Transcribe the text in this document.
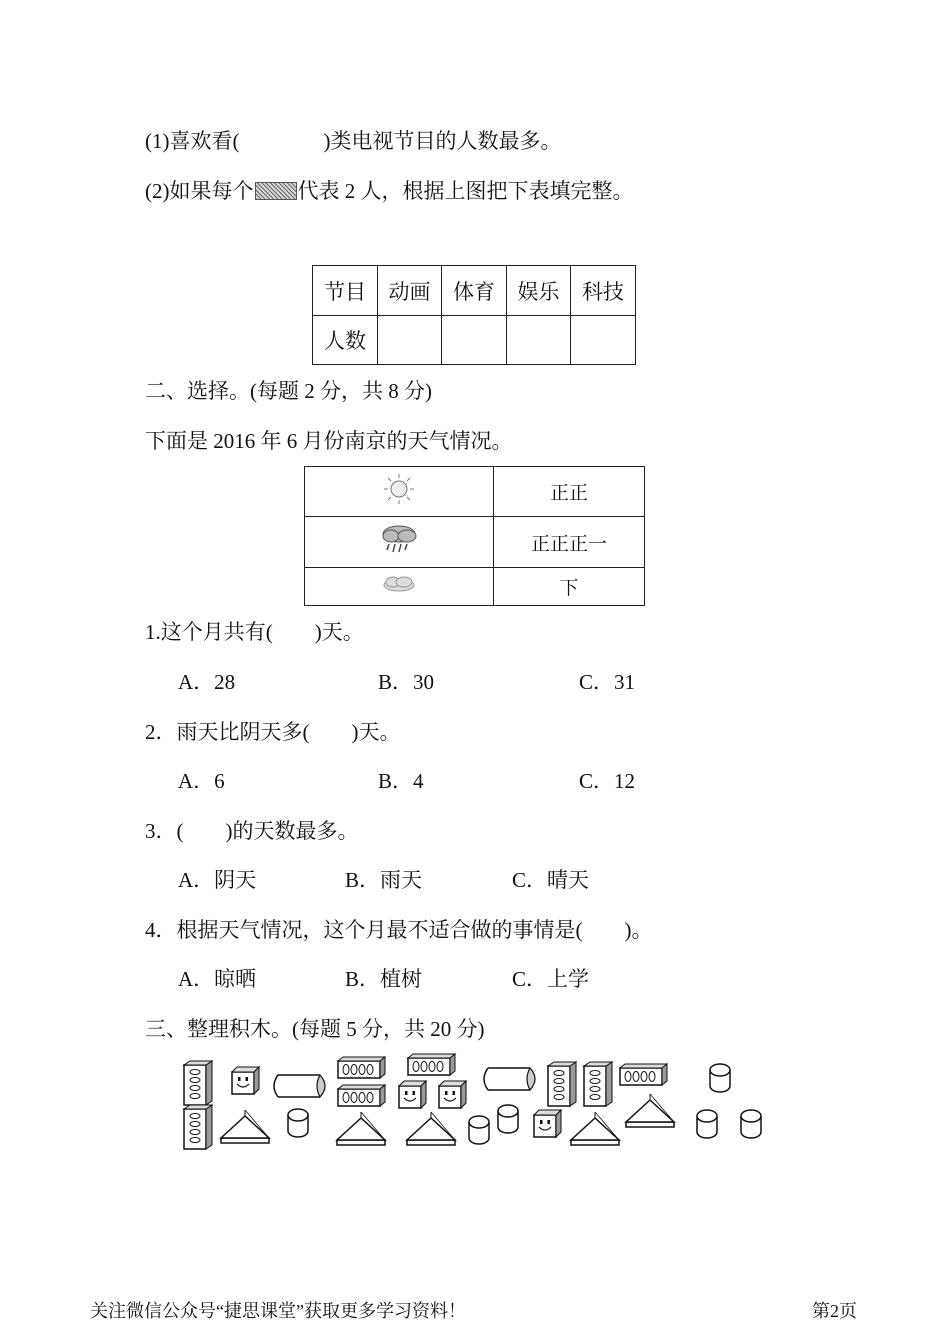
(1)喜欢看(　　　　)类电视节目的人数最多。
(2)如果每个 代表 2 人，根据上图把下表填完整。
节目	动画	体育	娱乐	科技
人数				
二、选择。(每题 2 分，共 8 分)
下面是 2016 年 6 月份南京的天气情况。
	正正
	正正正一
	下
1.这个月共有(　　)天。
A．28	B．30	C．31
2．雨天比阴天多(　　)天。
A．6	B．4	C．12
3．(　　)的天数最多。
A．阴天	B．雨天	C．晴天
4．根据天气情况，这个月最不适合做的事情是(　　)。
A．晾晒	B．植树	C．上学
三、整理积木。(每题 5 分，共 20 分)
关注微信公众号“捷思课堂”获取更多学习资料！	第2页
